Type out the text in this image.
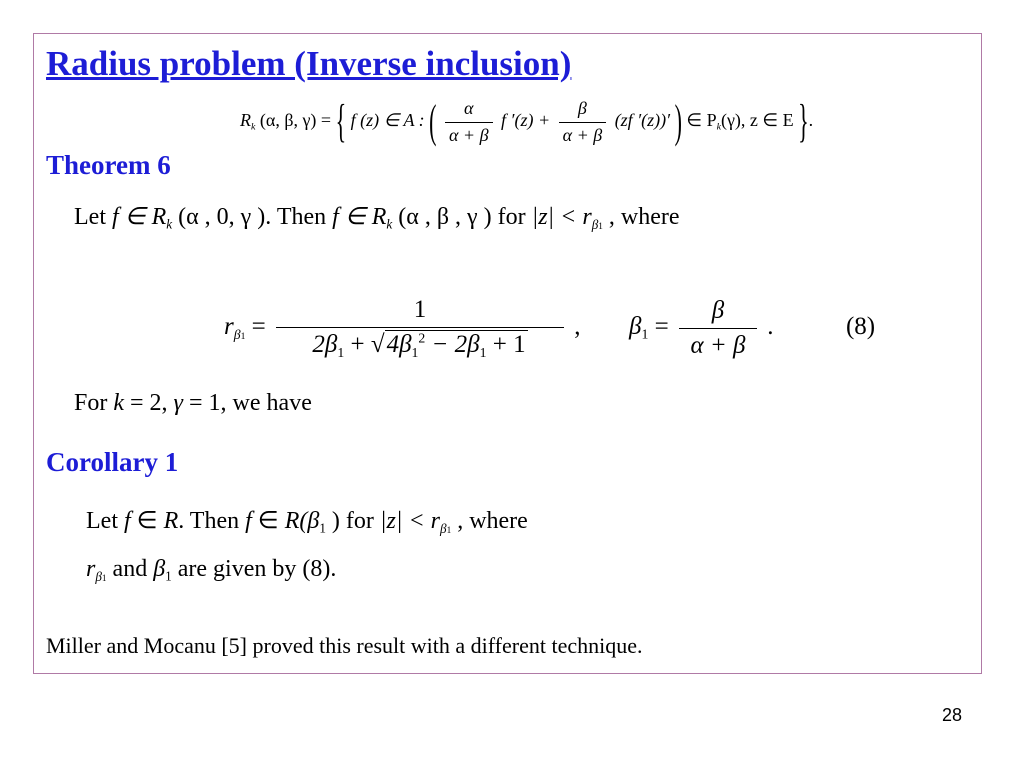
Radius problem (Inverse inclusion)
$R_k$ (α, β, γ) = { f (z) ∈ A : ( $\frac{\alpha}{\alpha + \beta}$ f $'(z) + \frac{\beta}{\alpha + \beta} (zf$ ′(z))′ ) ∈ $P_k(\gamma)$, z ∈ E }.
Theorem 6
Let f ∈ $R_k$ (α , 0, γ ). Then f ∈ $R_k$ (α , β , γ ) for $|z| < r_{\beta 1}$ , where
$r_{\beta 1} = \frac{1}{2\beta_1 + √4\beta_1^2 - 2\beta_1 + 1}$ , $\beta_1 = \frac{\beta}{\alpha + \beta}$ .	(8)
For k = 2, γ = 1, we have
Corollary 1
Let f ∈ R. Then f ∈ $R(\beta_1$ ) for $|z| < r_{\beta 1}$ , where
$r_{\beta 1}$ and $\beta_1$ are given by (8).
Miller and Mocanu [5] proved this result with a different technique.
28
